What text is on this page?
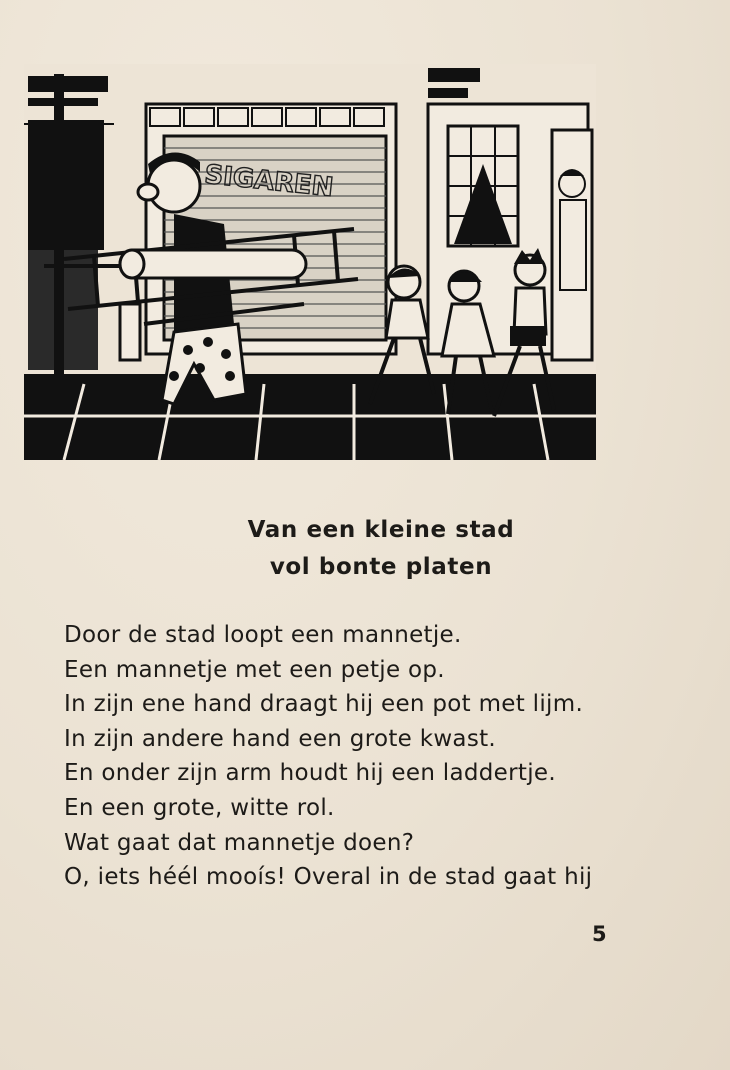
SIGAREN
Van een kleine stad
vol bonte platen
Door de stad loopt een mannetje.
Een mannetje met een petje op.
In zijn ene hand draagt hij een pot met lijm.
In zijn andere hand een grote kwast.
En onder zijn arm houdt hij een laddertje.
En een grote, witte rol.
Wat gaat dat mannetje doen?
O, iets héél mooís! Overal in de stad gaat hij
5
